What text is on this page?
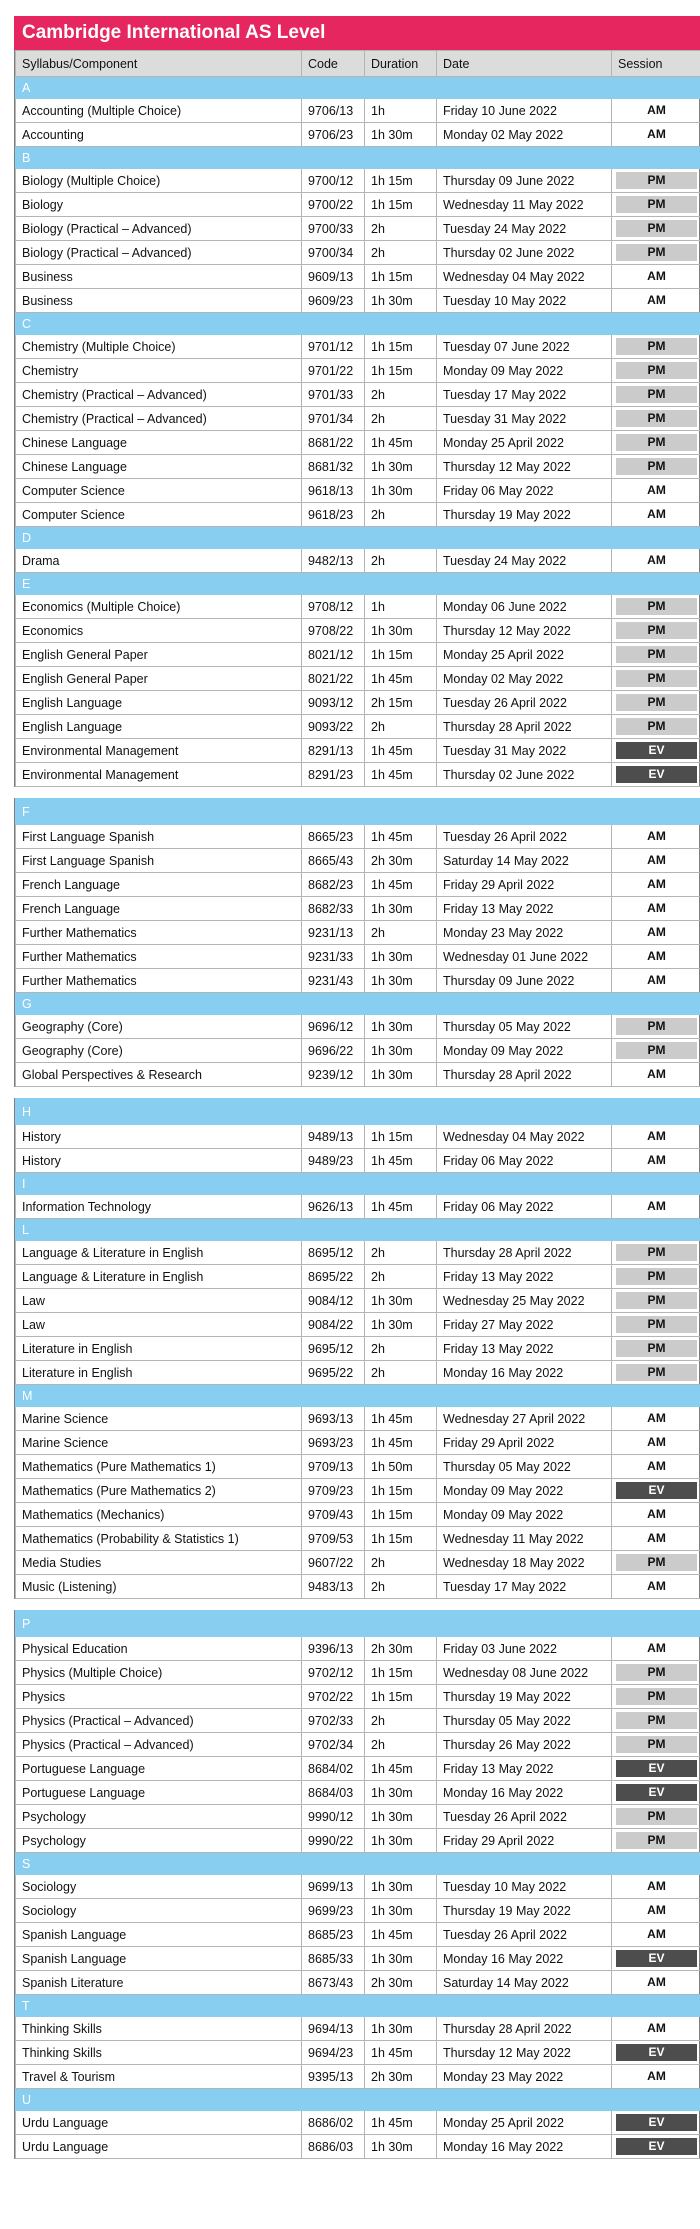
Cambridge International AS Level
Syllabus/Component	Code	Duration	Date	Session
A				
Accounting (Multiple Choice)	9706/13	1h	Friday 10 June 2022	AM

Accounting	9706/23	1h 30m	Monday 02 May 2022	AM

B				
Biology (Multiple Choice)	9700/12	1h 15m	Thursday 09 June 2022	PM

Biology	9700/22	1h 15m	Wednesday 11 May 2022	PM

Biology (Practical – Advanced)	9700/33	2h	Tuesday 24 May 2022	PM

Biology (Practical – Advanced)	9700/34	2h	Thursday 02 June 2022	PM

Business	9609/13	1h 15m	Wednesday 04 May 2022	AM

Business	9609/23	1h 30m	Tuesday 10 May 2022	AM

C				
Chemistry (Multiple Choice)	9701/12	1h 15m	Tuesday 07 June 2022	PM

Chemistry	9701/22	1h 15m	Monday 09 May 2022	PM

Chemistry (Practical – Advanced)	9701/33	2h	Tuesday 17 May 2022	PM

Chemistry (Practical – Advanced)	9701/34	2h	Tuesday 31 May 2022	PM

Chinese Language	8681/22	1h 45m	Monday 25 April 2022	PM

Chinese Language	8681/32	1h 30m	Thursday 12 May 2022	PM

Computer Science	9618/13	1h 30m	Friday 06 May 2022	AM

Computer Science	9618/23	2h	Thursday 19 May 2022	AM

D				
Drama	9482/13	2h	Tuesday 24 May 2022	AM

E				
Economics (Multiple Choice)	9708/12	1h	Monday 06 June 2022	PM

Economics	9708/22	1h 30m	Thursday 12 May 2022	PM

English General Paper	8021/12	1h 15m	Monday 25 April 2022	PM

English General Paper	8021/22	1h 45m	Monday 02 May 2022	PM

English Language	9093/12	2h 15m	Tuesday 26 April 2022	PM

English Language	9093/22	2h	Thursday 28 April 2022	PM

Environmental Management	8291/13	1h 45m	Tuesday 31 May 2022	EV

Environmental Management	8291/23	1h 45m	Thursday 02 June 2022	EV
F				
First Language Spanish	8665/23	1h 45m	Tuesday 26 April 2022	AM

First Language Spanish	8665/43	2h 30m	Saturday 14 May 2022	AM

French Language	8682/23	1h 45m	Friday 29 April 2022	AM

French Language	8682/33	1h 30m	Friday 13 May 2022	AM

Further Mathematics	9231/13	2h	Monday 23 May 2022	AM

Further Mathematics	9231/33	1h 30m	Wednesday 01 June 2022	AM

Further Mathematics	9231/43	1h 30m	Thursday 09 June 2022	AM

G				
Geography (Core)	9696/12	1h 30m	Thursday 05 May 2022	PM

Geography (Core)	9696/22	1h 30m	Monday 09 May 2022	PM

Global Perspectives & Research	9239/12	1h 30m	Thursday 28 April 2022	AM
H				
History	9489/13	1h 15m	Wednesday 04 May 2022	AM

History	9489/23	1h 45m	Friday 06 May 2022	AM

I				
Information Technology	9626/13	1h 45m	Friday 06 May 2022	AM

L				
Language & Literature in English	8695/12	2h	Thursday 28 April 2022	PM

Language & Literature in English	8695/22	2h	Friday 13 May 2022	PM

Law	9084/12	1h 30m	Wednesday 25 May 2022	PM

Law	9084/22	1h 30m	Friday 27 May 2022	PM

Literature in English	9695/12	2h	Friday 13 May 2022	PM

Literature in English	9695/22	2h	Monday 16 May 2022	PM

M				
Marine Science	9693/13	1h 45m	Wednesday 27 April 2022	AM

Marine Science	9693/23	1h 45m	Friday 29 April 2022	AM

Mathematics (Pure Mathematics 1)	9709/13	1h 50m	Thursday 05 May 2022	AM

Mathematics (Pure Mathematics 2)	9709/23	1h 15m	Monday 09 May 2022	EV

Mathematics (Mechanics)	9709/43	1h 15m	Monday 09 May 2022	AM

Mathematics (Probability & Statistics 1)	9709/53	1h 15m	Wednesday 11 May 2022	AM

Media Studies	9607/22	2h	Wednesday 18 May 2022	PM

Music (Listening)	9483/13	2h	Tuesday 17 May 2022	AM
P				
Physical Education	9396/13	2h 30m	Friday 03 June 2022	AM

Physics (Multiple Choice)	9702/12	1h 15m	Wednesday 08 June 2022	PM

Physics	9702/22	1h 15m	Thursday 19 May 2022	PM

Physics (Practical – Advanced)	9702/33	2h	Thursday 05 May 2022	PM

Physics (Practical – Advanced)	9702/34	2h	Thursday 26 May 2022	PM

Portuguese Language	8684/02	1h 45m	Friday 13 May 2022	EV

Portuguese Language	8684/03	1h 30m	Monday 16 May 2022	EV

Psychology	9990/12	1h 30m	Tuesday 26 April 2022	PM

Psychology	9990/22	1h 30m	Friday 29 April 2022	PM

S				
Sociology	9699/13	1h 30m	Tuesday 10 May 2022	AM

Sociology	9699/23	1h 30m	Thursday 19 May 2022	AM

Spanish Language	8685/23	1h 45m	Tuesday 26 April 2022	AM

Spanish Language	8685/33	1h 30m	Monday 16 May 2022	EV

Spanish Literature	8673/43	2h 30m	Saturday 14 May 2022	AM

T				
Thinking Skills	9694/13	1h 30m	Thursday 28 April 2022	AM

Thinking Skills	9694/23	1h 45m	Thursday 12 May 2022	EV

Travel & Tourism	9395/13	2h 30m	Monday 23 May 2022	AM

U				
Urdu Language	8686/02	1h 45m	Monday 25 April 2022	EV

Urdu Language	8686/03	1h 30m	Monday 16 May 2022	EV
